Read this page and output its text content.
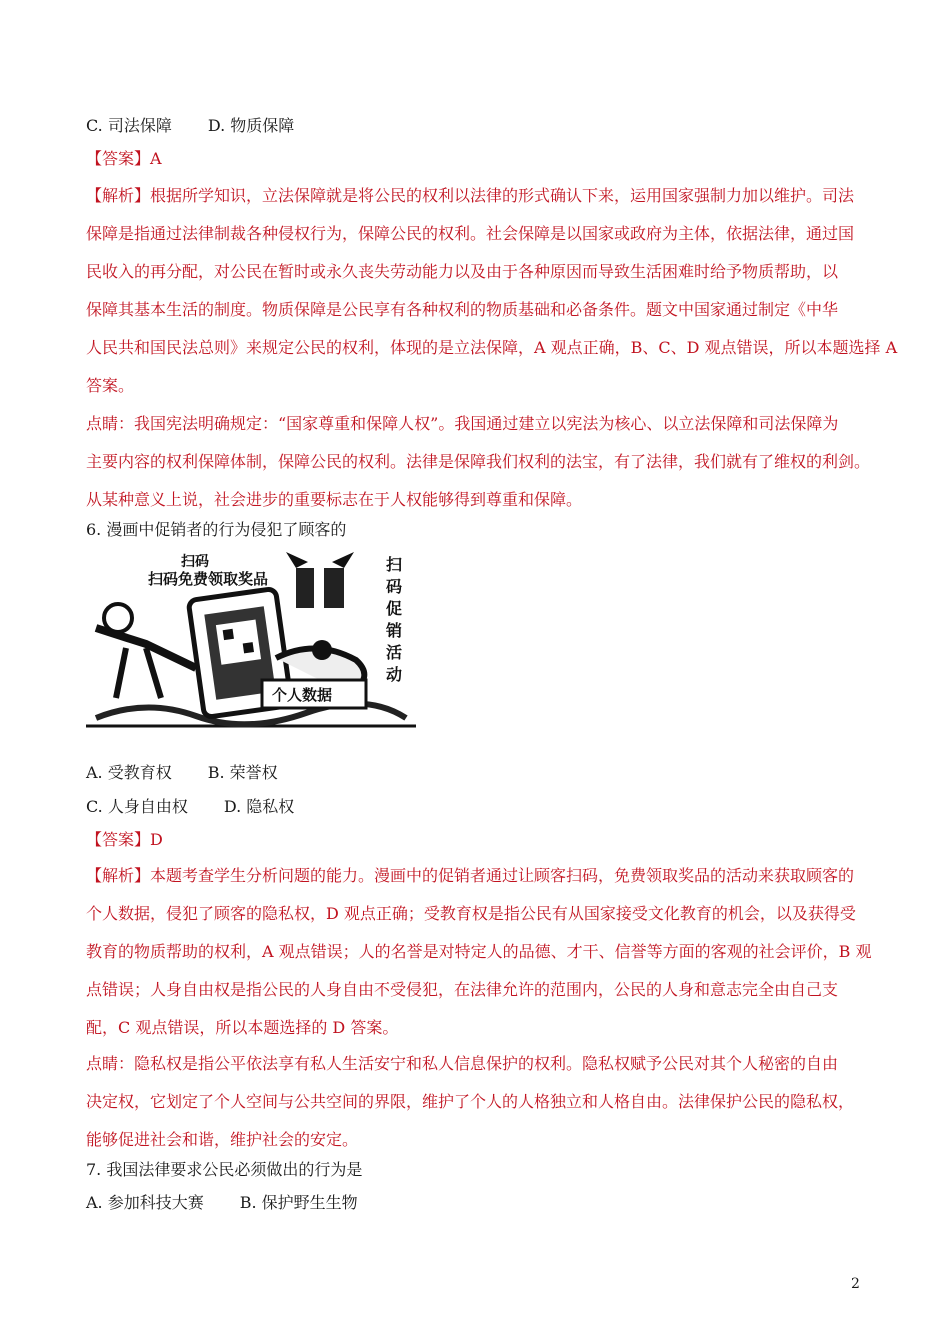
C. 司法保障 D. 物质保障
【答案】A
【解析】根据所学知识，立法保障就是将公民的权利以法律的形式确认下来，运用国家强制力加以维护。司法
保障是指通过法律制裁各种侵权行为，保障公民的权利。社会保障是以国家或政府为主体，依据法律，通过国
民收入的再分配，对公民在暂时或永久丧失劳动能力以及由于各种原因而导致生活困难时给予物质帮助，以
保障其基本生活的制度。物质保障是公民享有各种权利的物质基础和必备条件。题文中国家通过制定《中华
人民共和国民法总则》来规定公民的权利，体现的是立法保障，A 观点正确，B、C、D 观点错误，所以本题选择 A
答案。
点睛：我国宪法明确规定：“国家尊重和保障人权”。我国通过建立以宪法为核心、以立法保障和司法保障为
主要内容的权利保障体制，保障公民的权利。法律是保障我们权利的法宝，有了法律，我们就有了维权的利剑。
从某种意义上说，社会进步的重要标志在于人权能够得到尊重和保障。
6. 漫画中促销者的行为侵犯了顾客的
扫码
扫码免费领取奖品
个人数据
扫
码
促
销
活
动
A. 受教育权 B. 荣誉权
C. 人身自由权 D. 隐私权
【答案】D
【解析】本题考查学生分析问题的能力。漫画中的促销者通过让顾客扫码，免费领取奖品的活动来获取顾客的
个人数据，侵犯了顾客的隐私权，D 观点正确；受教育权是指公民有从国家接受文化教育的机会，以及获得受
教育的物质帮助的权利，A 观点错误；人的名誉是对特定人的品德、才干、信誉等方面的客观的社会评价，B 观
点错误；人身自由权是指公民的人身自由不受侵犯，在法律允许的范围内，公民的人身和意志完全由自己支
配，C 观点错误，所以本题选择的 D 答案。
点睛：隐私权是指公平依法享有私人生活安宁和私人信息保护的权利。隐私权赋予公民对其个人秘密的自由
决定权，它划定了个人空间与公共空间的界限，维护了个人的人格独立和人格自由。法律保护公民的隐私权，
能够促进社会和谐，维护社会的安定。
7. 我国法律要求公民必须做出的行为是
A. 参加科技大赛 B. 保护野生生物
2
